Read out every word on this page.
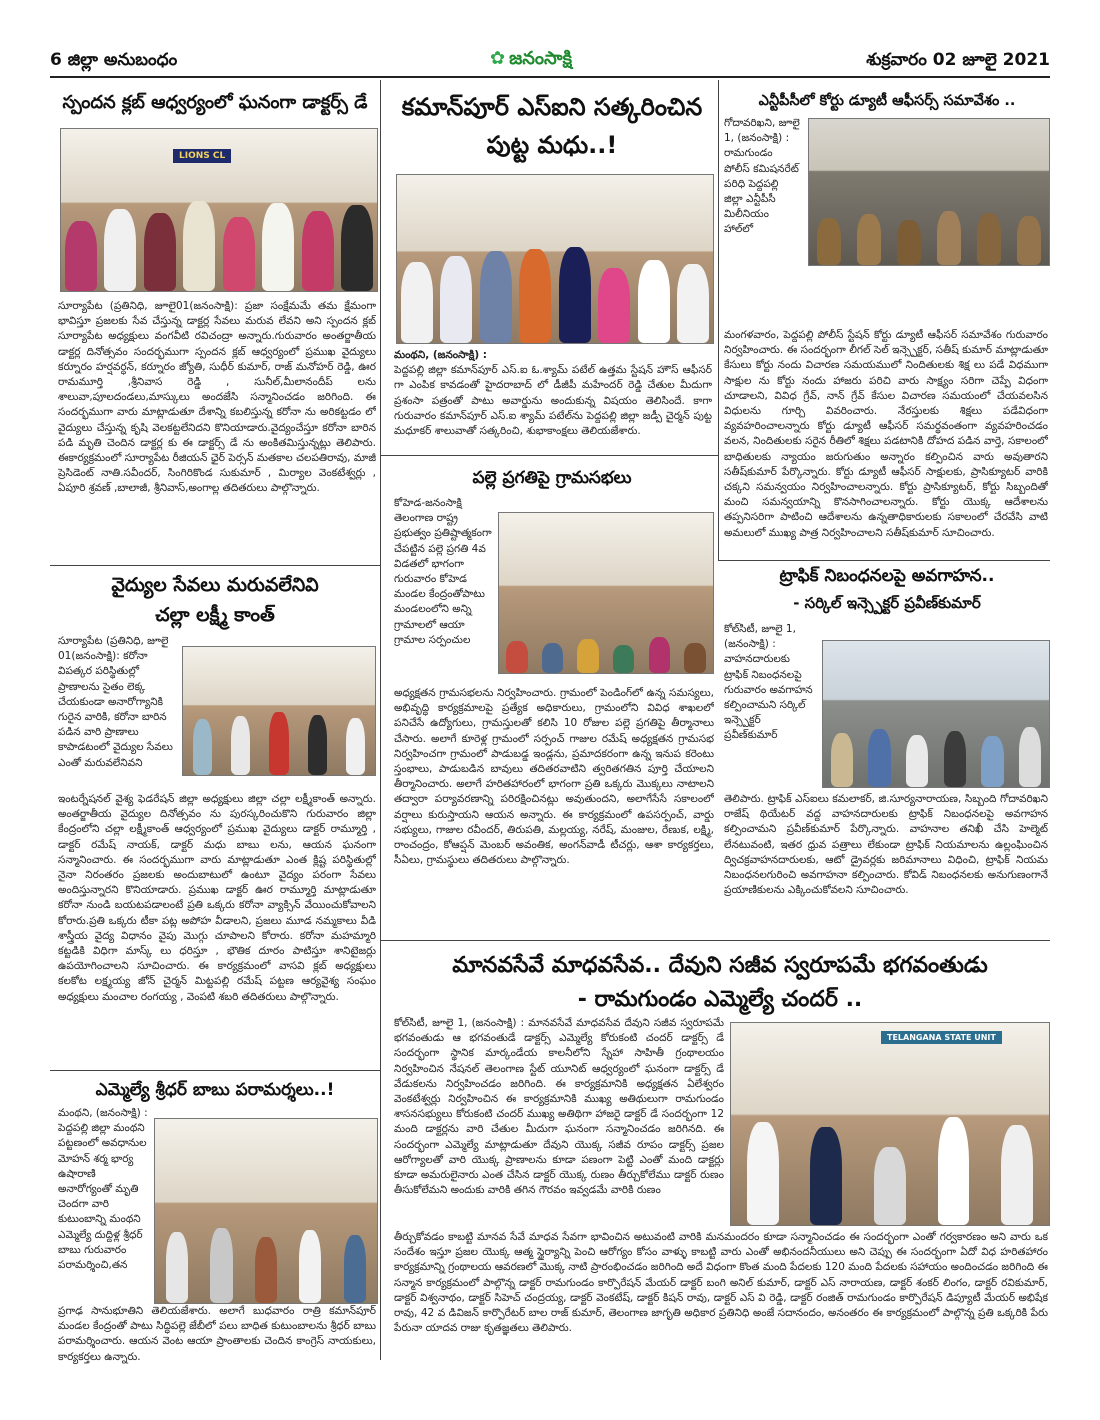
6 జిల్లా అనుబంధం	✿ జనంసాక్షి	శుక్రవారం 02 జూలై 2021
స్పందన క్లబ్ ఆధ్వర్యంలో ఘనంగా డాక్టర్స్ డే
LIONS CL

సూర్యాపేట (ప్రతినిధి, జూలై01(జనంసాక్షి): ప్రజా సంక్షేమమే తమ క్షేమంగా భావిస్తూ ప్రజలకు సేవ చేస్తున్న డాక్టర్ల సేవలు మరువ లేవని అని స్పందన క్లబ్ సూర్యాపేట అధ్యక్షులు వంగవీటి రవిచంద్రా అన్నారు.గురువారం అంతర్జాతీయ డాక్టర్ల దినోత్సవం సందర్భముగా స్పందన క్లబ్ ఆధ్వర్యంలో ప్రముఖ వైద్యులు కర్నూరం హర్షవర్ధన్, కర్నూరం జ్యోతి, సుధీర్ కుమార్, రాజ్ మనోహర్ రెడ్డి, ఊర రామమూర్తి ,శ్రీనివాస రెడ్డి , సునీల్,మీలానందీప్ లను శాలువా,పూలదండలు,మాస్కులు అందజేసి సన్మానించడం జరిగింది. ఈ సందర్భముగా వారు మాట్లాడుతూ దేశాన్ని కబలిస్తున్న కరోనా ను అరికట్టడం లో వైద్యులు చేస్తున్న కృషి వెలకట్టలేనిదని కొనియాడారు.వైద్యంచేస్తూ కరోనా బారిన పడి మృతి చెందిన డాక్టర్ల కు ఈ డాక్టర్స్ డే ను అంకితమిస్తున్నట్లు తెలిపారు. ఈకార్యక్రమంలో సూర్యాపేట రీజియన్ ఛైర్ పెర్సన్ మతకాల చలపతిరావు, మాజీ ప్రెసిడెంట్ నాతి.సవీందర్, సింగిరికొండ సుకుమార్ , మిర్యాల వెంకటేశ్వర్లు , ఏపూరి శ్రవణ్ ,బాలాజీ, శ్రీనివాస్,అంగాల్ల తదితరులు పాల్గొన్నారు.

కమాన్‌పూర్ ఎస్ఐని సత్కరించిన పుట్ట మధు..!

మంథని, (జనంసాక్షి) :

పెద్దపల్లి జిల్లా కమాన్‌పూర్ ఎస్.ఐ ఓ.శ్యామ్ పటేల్ ఉత్తమ స్టేషన్ హౌస్ ఆఫీసర్ గా ఎంపిక కావడంతో హైదరాబాద్ లో డీజీపీ మహేందర్ రెడ్డి చేతుల మీదుగా ప్రశంసా పత్రంతో పాటు అవార్డును అందుకున్న విషయం తెలిసిందే. కాగా గురువారం కమాన్‌పూర్ ఎస్.ఐ శ్యామ్ పటేల్‌ను పెద్దపల్లి జిల్లా జడ్పీ చైర్మన్ పుట్ట మధూకర్ శాలువాతో సత్కరించి, శుభాకాంక్షలు తెలియజేశారు.

ఎన్టీపీసీలో కోర్టు డ్యూటీ ఆఫీసర్స్ సమావేశం ..

గోదావరిఖని, జూలై 1, (జనంసాక్షి) : రామగుండం పోలీస్ కమిషనరేట్ పరిధి పెద్దపల్లి జిల్లా ఎన్టీపీసీ మిలీనియం హాల్‌లో

మంగళవారం, పెద్దపల్లి పోలీస్ స్టేషన్ కోర్టు డ్యూటీ ఆఫీసర్ సమావేశం గురువారం నిర్వహించారు. ఈ సందర్భంగా లీగల్ సెల్ ఇన్స్పెక్టర్, సతీష్ కుమార్ మాట్లాడుతూ కేసులు కోర్టు నందు విచారణ సమయములో నిందితులకు శిక్ష లు పడే విధముగా సాక్షుల ను కోర్టు నందు హాజరు పరిచి వారు సాక్ష్యం సరిగా చెప్పే విధంగా చూడాలని, వివిధ గ్రేవ్, నాన్ గ్రేవ్ కేసుల విచారణ సమయంలో చేయవలసిన విధులను గూర్చి వివరించారు. నేరస్తులకు శిక్షలు పడేవిధంగా వ్యవహరించాలన్నారు కోర్టు డ్యూటీ ఆఫీసర్ సమర్థవంతంగా వ్యవహరించడం వలన, నిందితులకు సరైన రీతిలో శిక్షలు పడటానికి దోహద పడిన వార్తె, సకాలంలో బాధితులకు న్యాయం జరుగుతుం అన్నారం కల్పించిన వారు అవుతారని సతీష్‌కుమార్ పేర్కొన్నారు. కోర్టు డ్యూటీ ఆఫీసర్ సాక్షులకు, ప్రాసిక్యూటర్ వారికి చక్కని సమన్వయం నిర్వహించాలన్నారు. కోర్టు ప్రాసిక్యూటర్, కోర్టు సిబ్బందితో మంచి సమన్వయాన్ని కొనసాగించాలన్నారు. కోర్టు యొక్క ఆదేశాలను తప్పనిసరిగా పాటించి ఆదేశాలను ఉన్నతాధికారులకు సకాలంలో చేరవేసి వాటి అమలులో ముఖ్య పాత్ర నిర్వహించాలని సతీష్‌కుమార్ సూచించారు.

పల్లె ప్రగతిపై గ్రామసభలు

కోహెడ-జనంసాక్షి తెలంగాణ రాష్ట్ర ప్రభుత్వం ప్రతిష్టాత్మకంగా చేపట్టిన పల్లె ప్రగతి 4వ విడతలో భాగంగా గురువారం కోహెడ మండల కేంద్రంతోపాటు మండలంలోని అన్ని గ్రామాలలో ఆయా గ్రామాల సర్పంచుల

అధ్యక్షతన గ్రామసభలను నిర్వహించారు. గ్రామంలో పెండింగ్‌లో ఉన్న సమస్యలు, అభివృద్ధి కార్యక్రమాలపై ప్రత్యేక అధికారులు, గ్రామంలోని వివిధ శాఖలలో పనిచేసే ఉద్యోగులు, గ్రామస్తులతో కలిసి 10 రోజుల పల్లె ప్రగతిపై తీర్మానాలు చేసారు. అలాగే కూరెళ్ల గ్రామంలో సర్పంచ్ గాజుల రమేష్ అధ్యక్షతన గ్రామసభ నిర్వహించగా గ్రామంలో పాడుబడ్డ ఇండ్లను, ప్రమాదకరంగా ఉన్న ఇనుప కరెంటు స్తంభాలు, పాడుబడిన బావులు తదితరవాటిని త్వరితగతిన పూర్తి చేయాలని తీర్మానించారు. అలాగే హరితహారంలో భాగంగా ప్రతి ఒక్కరు మొక్కలు నాటాలని తద్వారా పర్యావరణాన్ని పరిరక్షించినట్లు అవుతుందని, అలాగేసేసే సకాలంలో వర్షాలు కురుస్తాయని ఆయన అన్నారు. ఈ కార్యక్రమంలో ఉపసర్పంచ్, వార్డు సభ్యులు, గాజుల రవీందర్, తిరుపతి, మల్లయ్య, నరేష్, మంజుల, రేణుక, లక్ష్మి, రాంచంద్రం, కోఆప్షన్ మెంబర్ అవంతిక, అంగన్‌వాడీ టీచర్లు, ఆశా కార్యకర్తలు, సీఏలు, గ్రామస్థులు తదితరులు పాల్గొన్నారు.

ట్రాఫిక్ నిబంధనలపై అవగాహన..
- సర్కిల్ ఇన్స్పెక్టర్ ప్రవీణ్‌కుమార్

కోల్‌సిటీ, జూలై 1, (జనంసాక్షి) : వాహనదారులకు ట్రాఫిక్ నిబంధనలపై గురువారం అవగాహన కల్పించామని సర్కిల్ ఇన్స్పెక్టర్ ప్రవీణ్‌కుమార్

తెలిపారు. ట్రాఫిక్ ఎస్ఐలు కమలాకర్, జి.సూర్యనారాయణ, సిబ్బంది గోదావరిఖని రాజేష్ థియేటర్ వద్ద వాహనదారులకు ట్రాఫిక్ నిబంధనలపై అవగాహన కల్పించామని ప్రవీణ్‌కుమార్ పేర్కొన్నారు. వాహనాల తనిఖీ చేసి హెల్మెట్ లేనటువంటి, ఇతర ధ్రువ పత్రాలు లేకుండా ట్రాఫిక్ నియమాలను ఉల్లంఘించిన ద్విచక్రవాహనదారులకు, ఆటో డ్రైవర్లకు జరిమానాలు విధించి, ట్రాఫిక్ నియమ నిబంధనలగురించి అవగాహనా కల్పించారు. కోవిడ్ నిబంధనలకు అనుగుణంగానే ప్రయాణికులను ఎక్కించుకోవలని సూచించారు.

వైద్యుల సేవలు మరువలేనివి
చల్లా లక్ష్మీ కాంత్

సూర్యాపేట (ప్రతినిధి, జూలై 01(జనంసాక్షి): కరోనా విపత్కర పరిస్థితుల్లో ప్రాణాలను సైతం లెక్క చేయకుండా అనారోగ్యానికి గురైన వారికి, కరోనా బారిన పడిన వారి ప్రాణాలు కాపాడటంలో వైద్యుల సేవలు ఎంతో మరువలేనివని

ఇంటర్నేషనల్ వైశ్య ఫెడరేషన్ జిల్లా అధ్యక్షులు జిల్లా చల్లా లక్ష్మీకాంత్ అన్నారు. అంతర్జాతీయ వైద్యుల దినోత్సవం ను పురస్కరించుకొని గురువారం జిల్లా కేంద్రంలోని చల్లా లక్ష్మీకాంత్ ఆధ్వర్యంలో ప్రముఖ వైద్యులు డాక్టర్ రామ్మూర్తి , డాక్టర్ రమేష్ నాయక్, డాక్టర్ మధు బాబు లను, ఆయన ఘనంగా సన్మానించారు. ఈ సందర్భముగా వారు మాట్లాడుతూ ఎంత క్లిష్ట పరిస్థితుల్లో నైనా నిరంతరం ప్రజలకు అందుబాటులో ఉంటూ వైద్యం పరంగా సేవలు అందిస్తున్నారని కొనియాడారు. ప్రముఖ డాక్టర్ ఊర రామ్మూర్తి మాట్లాడుతూ కరోనా నుండి బయటపడాలంటే ప్రతి ఒక్కరు కరోనా వ్యాక్సిన్ వేయించుకోవాలని కోరారు.ప్రతి ఒక్కరు టీకా పట్ల అపోహ వీడాలని, ప్రజలు మూడ నమ్మకాలు వీడి శాస్త్రీయ వైద్య విధానం వైపు మొగ్గు చూపాలని కోరారు. కరోనా మహమ్మారి కట్టడికి విధిగా మాస్క్ లు ధరిస్తూ , భౌతిక దూరం పాటిస్తూ శానిటైజర్లు ఉపయోగించాలని సూచించారు. ఈ కార్యక్రమంలో వాసవి క్లబ్ అధ్యక్షులు కలకోట లక్ష్మయ్య జోన్ చైర్మన్ మిట్టపల్లి రమేష్ పట్టణ ఆర్యవైశ్య సంఘం అధ్యక్షులు మంచాల రంగయ్య , వెంపటి శబరి తదితరులు పాల్గొన్నారు.

ఎమ్మెల్యే శ్రీధర్ బాబు పరామర్శలు..!

మంథని, (జనంసాక్షి) : పెద్దపల్లి జిల్లా మంథని పట్టణంలో అవధానుల మోహన్ శర్మ భార్య ఉషారాణి అనారోగ్యంతో మృతి చెందగా వారి కుటుంబాన్ని మంథని ఎమ్మెల్యే దుద్దిళ్ల శ్రీధర్ బాబు గురువారం పరామర్శించి,తన

ప్రగాఢ సానుభూతిని తెలియజేశారు. అలాగే బుధవారం రాత్రి కమాన్‌పూర్ మండల కేంద్రంతో పాటు సిద్ధిపల్లె జేబీలో పలు బాధిత కుటుంబాలను శ్రీధర్ బాబు పరామర్శించారు. ఆయన వెంట ఆయా ప్రాంతాలకు చెందిన కాంగ్రెస్ నాయకులు, కార్యకర్తలు ఉన్నారు.

మానవసేవే మాధవసేవ.. దేవుని సజీవ స్వరూపమే భగవంతుడు
- రామగుండం ఎమ్మెల్యే చందర్ ..

కోల్‌సిటీ, జూలై 1, (జనంసాక్షి) : మానవసేవే మాధవసేవ దేవుని సజీవ స్వరూపమే భగవంతుడు ఆ భగవంతుడే డాక్టర్స్ ఎమ్మెల్యే కోరుకంటి చందర్ డాక్టర్స్ డే సందర్భంగా స్థానిక మార్కండేయ కాలనీలోని స్నేహా సాహితీ గ్రంథాలయం నిర్వహించిన నేషనల్ తెలంగాణ స్టేట్ యూనిట్ ఆధ్వర్యంలో ఘనంగా డాక్టర్స్ డే వేడుకలను నిర్వహించడం జరిగింది. ఈ కార్యక్రమానికి అధ్యక్షతన ఏలేశ్వరం వెంకటేశ్వర్లు నిర్వహించిన ఈ కార్యక్రమానికి ముఖ్య అతిథులుగా రామగుండం శాసనసభ్యులు కోరుకంటి చందర్ ముఖ్య అతిథిగా హాజరై డాక్టర్ డే సందర్భంగా 12 మంది డాక్టర్లను వారి చేతుల మీదుగా ఘనంగా సన్మానించడం జరిగినది. ఈ సందర్భంగా ఎమ్మెల్యే మాట్లాడుతూ దేవుని యొక్క సజీవ రూపం డాక్టర్స్ ప్రజల ఆరోగ్యాలతో వారి యొక్క ప్రాణాలను కూడా పణంగా పెట్టి ఎంతో మంది డాక్టర్లు కూడా అమరులైనారు ఎంత చేసిన డాక్టర్ యొక్క రుణం తీర్చుకోలేము డాక్టర్ రుణం తీసుకోలేమని అందుకు వారికి తగిన గౌరవం ఇవ్వడమే వారికి రుణం

TELANGANA STATE UNIT

తీర్చుకోవడం కాబట్టి మానవ సేవే మాధవ సేవగా భావించిన అటువంటి వారికి మనమందరం కూడా సన్మానించడం ఈ సందర్భంగా ఎంతో గర్వకారణం అని వారు ఒక సందేశం ఇస్తూ ప్రజల యొక్క ఆత్మ స్థైర్యాన్ని పెంచి ఆరోగ్యం కోసం వాళ్ళు కాబట్టి వారు ఎంతో అభినందనీయులు అని చెప్పు ఈ సందర్భంగా ఏదో విధ హరితహారం కార్యక్రమాన్ని గ్రంథాలయ ఆవరణలో మొక్క నాటి ప్రారంభించడం జరిగింది అదే విధంగా కొంత మంది పేదలకు 120 మంది పేదలకు సహాయం అందించడం జరిగింది ఈ సన్మాన కార్యక్రమంలో పాల్గొన్న డాక్టర్ రామగుండం కార్పొరేషన్ మేయర్ డాక్టర్ బంగి అనిల్ కుమార్, డాక్టర్ ఎస్ నారాయణ, డాక్టర్ శంకర్ లింగం, డాక్టర్ రవికుమార్, డాక్టర్ విశ్వనాథం, డాక్టర్ సిహెచ్ చంద్రయ్య, డాక్టర్ వెంకటేష్, డాక్టర్ కిషన్ రావు, డాక్టర్ ఎస్ వి రెడ్డి, డాక్టర్ రంజిత్ రామగుండం కార్పొరేషన్ డిప్యూటీ మేయర్ అభిషేక రావు, 42 వ డివిజన్ కార్పొరేటర్ బాల రాజ్ కుమార్, తెలంగాణ జాగృతి అధికార ప్రతినిధి అంజే సదానందం, అనంతరం ఈ కార్యక్రమంలో పాల్గొన్న ప్రతి ఒక్కరికి పేరు పేరునా యాదవ రాజు కృతజ్ఞతలు తెలిపారు.
